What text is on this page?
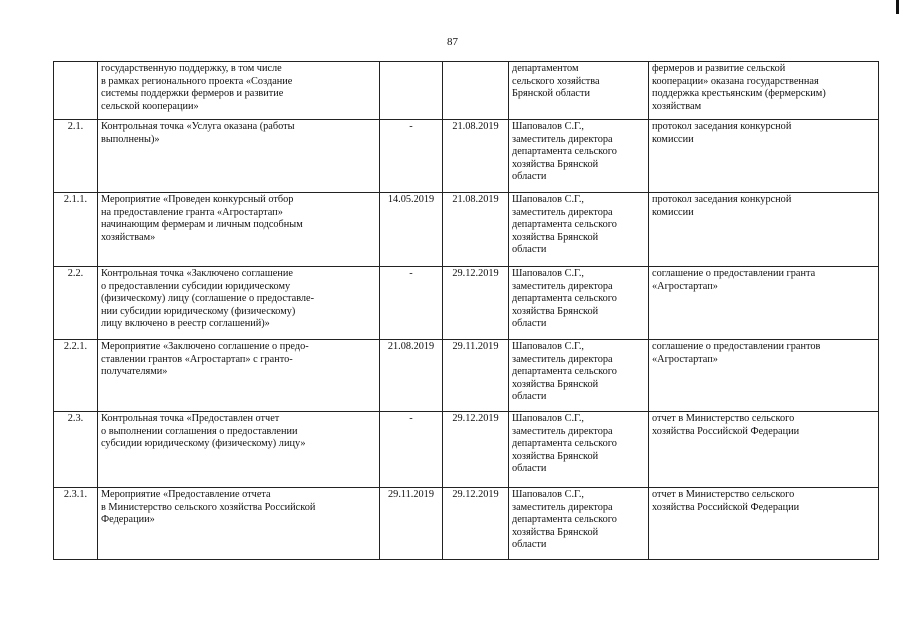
87
	государственную поддержку, в том числе
в рамках регионального проекта «Создание
системы поддержки фермеров и развитие
сельской кооперации»			департаментом
сельского хозяйства
Брянской области	фермеров и развитие сельской
кооперации» оказана государственная
поддержка крестьянским (фермерским)
хозяйствам
2.1.	Контрольная точка «Услуга оказана (работы
выполнены)»	-	21.08.2019	Шаповалов С.Г.,
заместитель директора
департамента сельского
хозяйства Брянской
области	протокол заседания конкурсной
комиссии
2.1.1.	Мероприятие «Проведен конкурсный отбор
на предоставление гранта «Агростартап»
начинающим фермерам и личным подсобным
хозяйствам»	14.05.2019	21.08.2019	Шаповалов С.Г.,
заместитель директора
департамента сельского
хозяйства Брянской
области	протокол заседания конкурсной
комиссии
2.2.	Контрольная точка «Заключено соглашение
о предоставлении субсидии юридическому
(физическому) лицу (соглашение о предоставле-
нии субсидии юридическому (физическому)
лицу включено в реестр соглашений)»	-	29.12.2019	Шаповалов С.Г.,
заместитель директора
департамента сельского
хозяйства Брянской
области	соглашение о предоставлении гранта
«Агростартап»
2.2.1.	Мероприятие «Заключено соглашение о предо-
ставлении грантов «Агростартап» с гранто-
получателями»	21.08.2019	29.11.2019	Шаповалов С.Г.,
заместитель директора
департамента сельского
хозяйства Брянской
области	соглашение о предоставлении грантов
«Агростартап»
2.3.	Контрольная точка «Предоставлен отчет
о выполнении соглашения о предоставлении
субсидии юридическому (физическому) лицу»	-	29.12.2019	Шаповалов С.Г.,
заместитель директора
департамента сельского
хозяйства Брянской
области	отчет в Министерство сельского
хозяйства Российской Федерации
2.3.1.	Мероприятие «Предоставление отчета
в Министерство сельского хозяйства Российской
Федерации»	29.11.2019	29.12.2019	Шаповалов С.Г.,
заместитель директора
департамента сельского
хозяйства Брянской
области	отчет в Министерство сельского
хозяйства Российской Федерации
